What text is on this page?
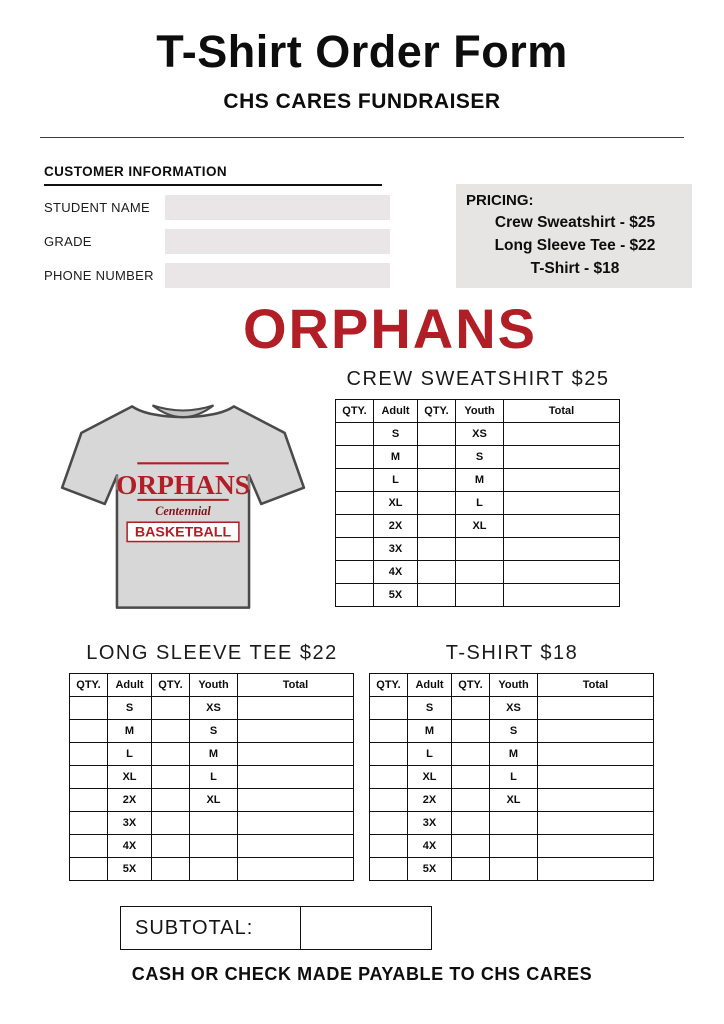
T-Shirt Order Form
CHS CARES FUNDRAISER
CUSTOMER INFORMATION
STUDENT NAME
GRADE
PHONE NUMBER
PRICING:
Crew Sweatshirt - $25
Long Sleeve Tee - $22
T-Shirt - $18
ORPHANS
ORPHANS
Centennial
BASKETBALL
CREW SWEATSHIRT $25
QTY.	Adult	QTY.	Youth	Total
	S		XS	
	M		S	
	L		M	
	XL		L	
	2X		XL	
	3X			
	4X			
	5X			
LONG SLEEVE TEE $22
QTY.	Adult	QTY.	Youth	Total
	S		XS	
	M		S	
	L		M	
	XL		L	
	2X		XL	
	3X			
	4X			
	5X			
T-SHIRT $18
QTY.	Adult	QTY.	Youth	Total
	S		XS	
	M		S	
	L		M	
	XL		L	
	2X		XL	
	3X			
	4X			
	5X			
SUBTOTAL:
CASH OR CHECK MADE PAYABLE TO CHS CARES
